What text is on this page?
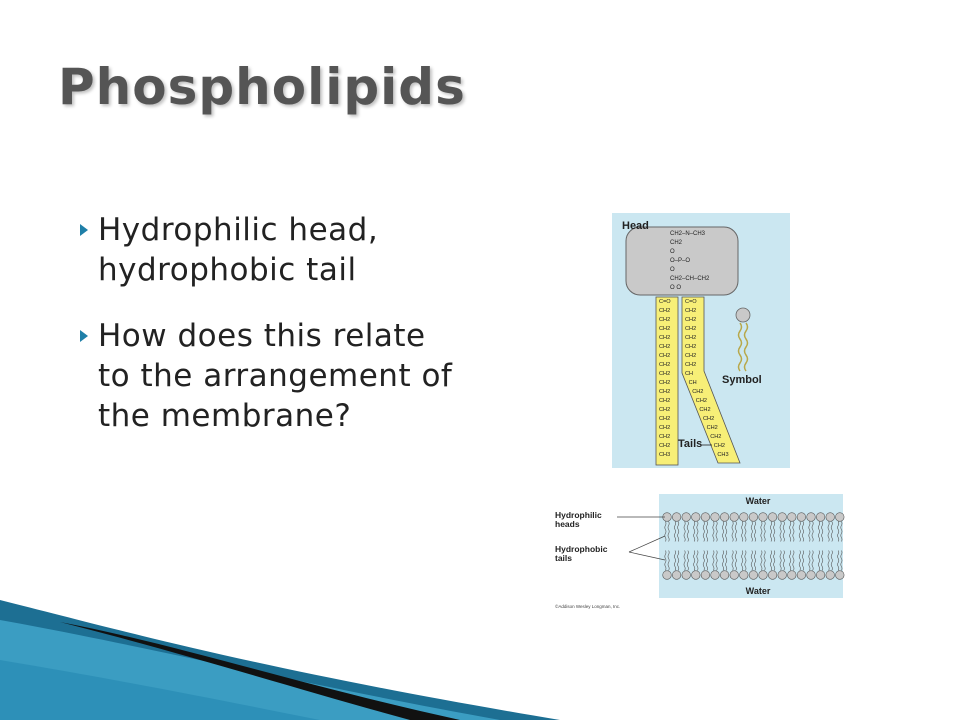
Phospholipids
Hydrophilic head, hydrophobic tail
How does this relate to the arrangement of the membrane?
Head
CH2–N–CH3
CH2
O
O–P–O
O
CH2–CH–CH2
O O
C=O
CH2
CH2
CH2
CH2
CH2
CH2
CH2
CH2
CH2
CH2
CH2
CH2
CH2
CH2
CH2
CH2
CH3
C=O
CH2
CH2
CH2
CH2
CH2
CH2
CH2
CH
CH
CH2
CH2
CH2
CH2
CH2
CH2
CH2
CH3
Tails
Symbol
Water
Water
Hydrophilic heads
Hydrophobic tails
©Addison Wesley Longman, Inc.
